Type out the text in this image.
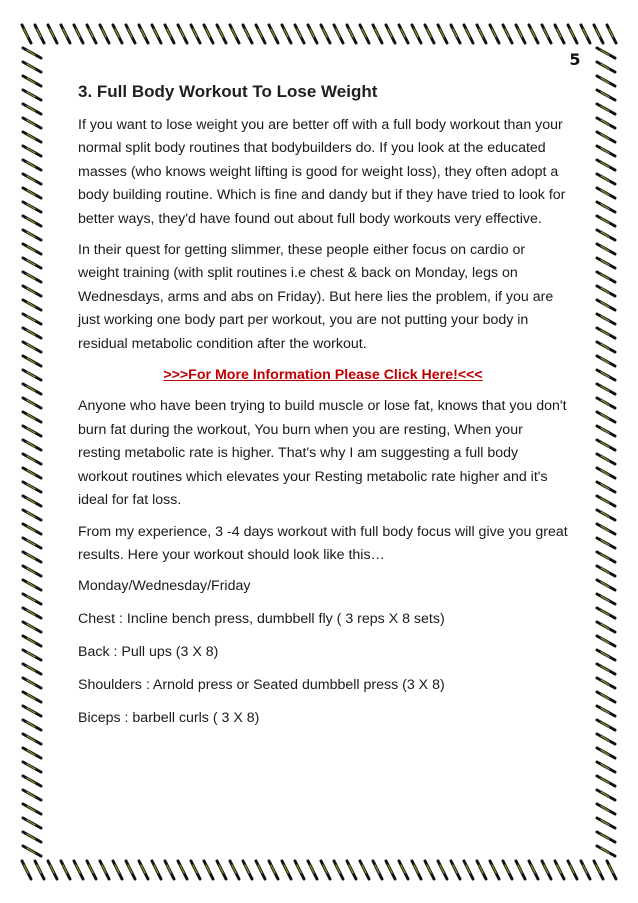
5
3. Full Body Workout To Lose Weight

If you want to lose weight you are better off with a full body workout than your normal split body routines that bodybuilders do. If you look at the educated masses (who knows weight lifting is good for weight loss), they often adopt a body building routine. Which is fine and dandy but if they have tried to look for better ways, they'd have found out about full body workouts very effective.

In their quest for getting slimmer, these people either focus on cardio or weight training (with split routines i.e chest & back on Monday, legs on Wednesdays, arms and abs on Friday). But here lies the problem, if you are just working one body part per workout, you are not putting your body in residual metabolic condition after the workout.

>>>For More Information Please Click Here!<<<

Anyone who have been trying to build muscle or lose fat, knows that you don't burn fat during the workout, You burn when you are resting, When your resting metabolic rate is higher. That's why I am suggesting a full body workout routines which elevates your Resting metabolic rate higher and it's ideal for fat loss.

From my experience, 3 -4 days workout with full body focus will give you great results. Here your workout should look like this…

Monday/Wednesday/Friday

Chest : Incline bench press, dumbbell fly ( 3 reps X 8 sets)

Back : Pull ups (3 X 8)

Shoulders : Arnold press or Seated dumbbell press (3 X 8)

Biceps : barbell curls ( 3 X 8)
